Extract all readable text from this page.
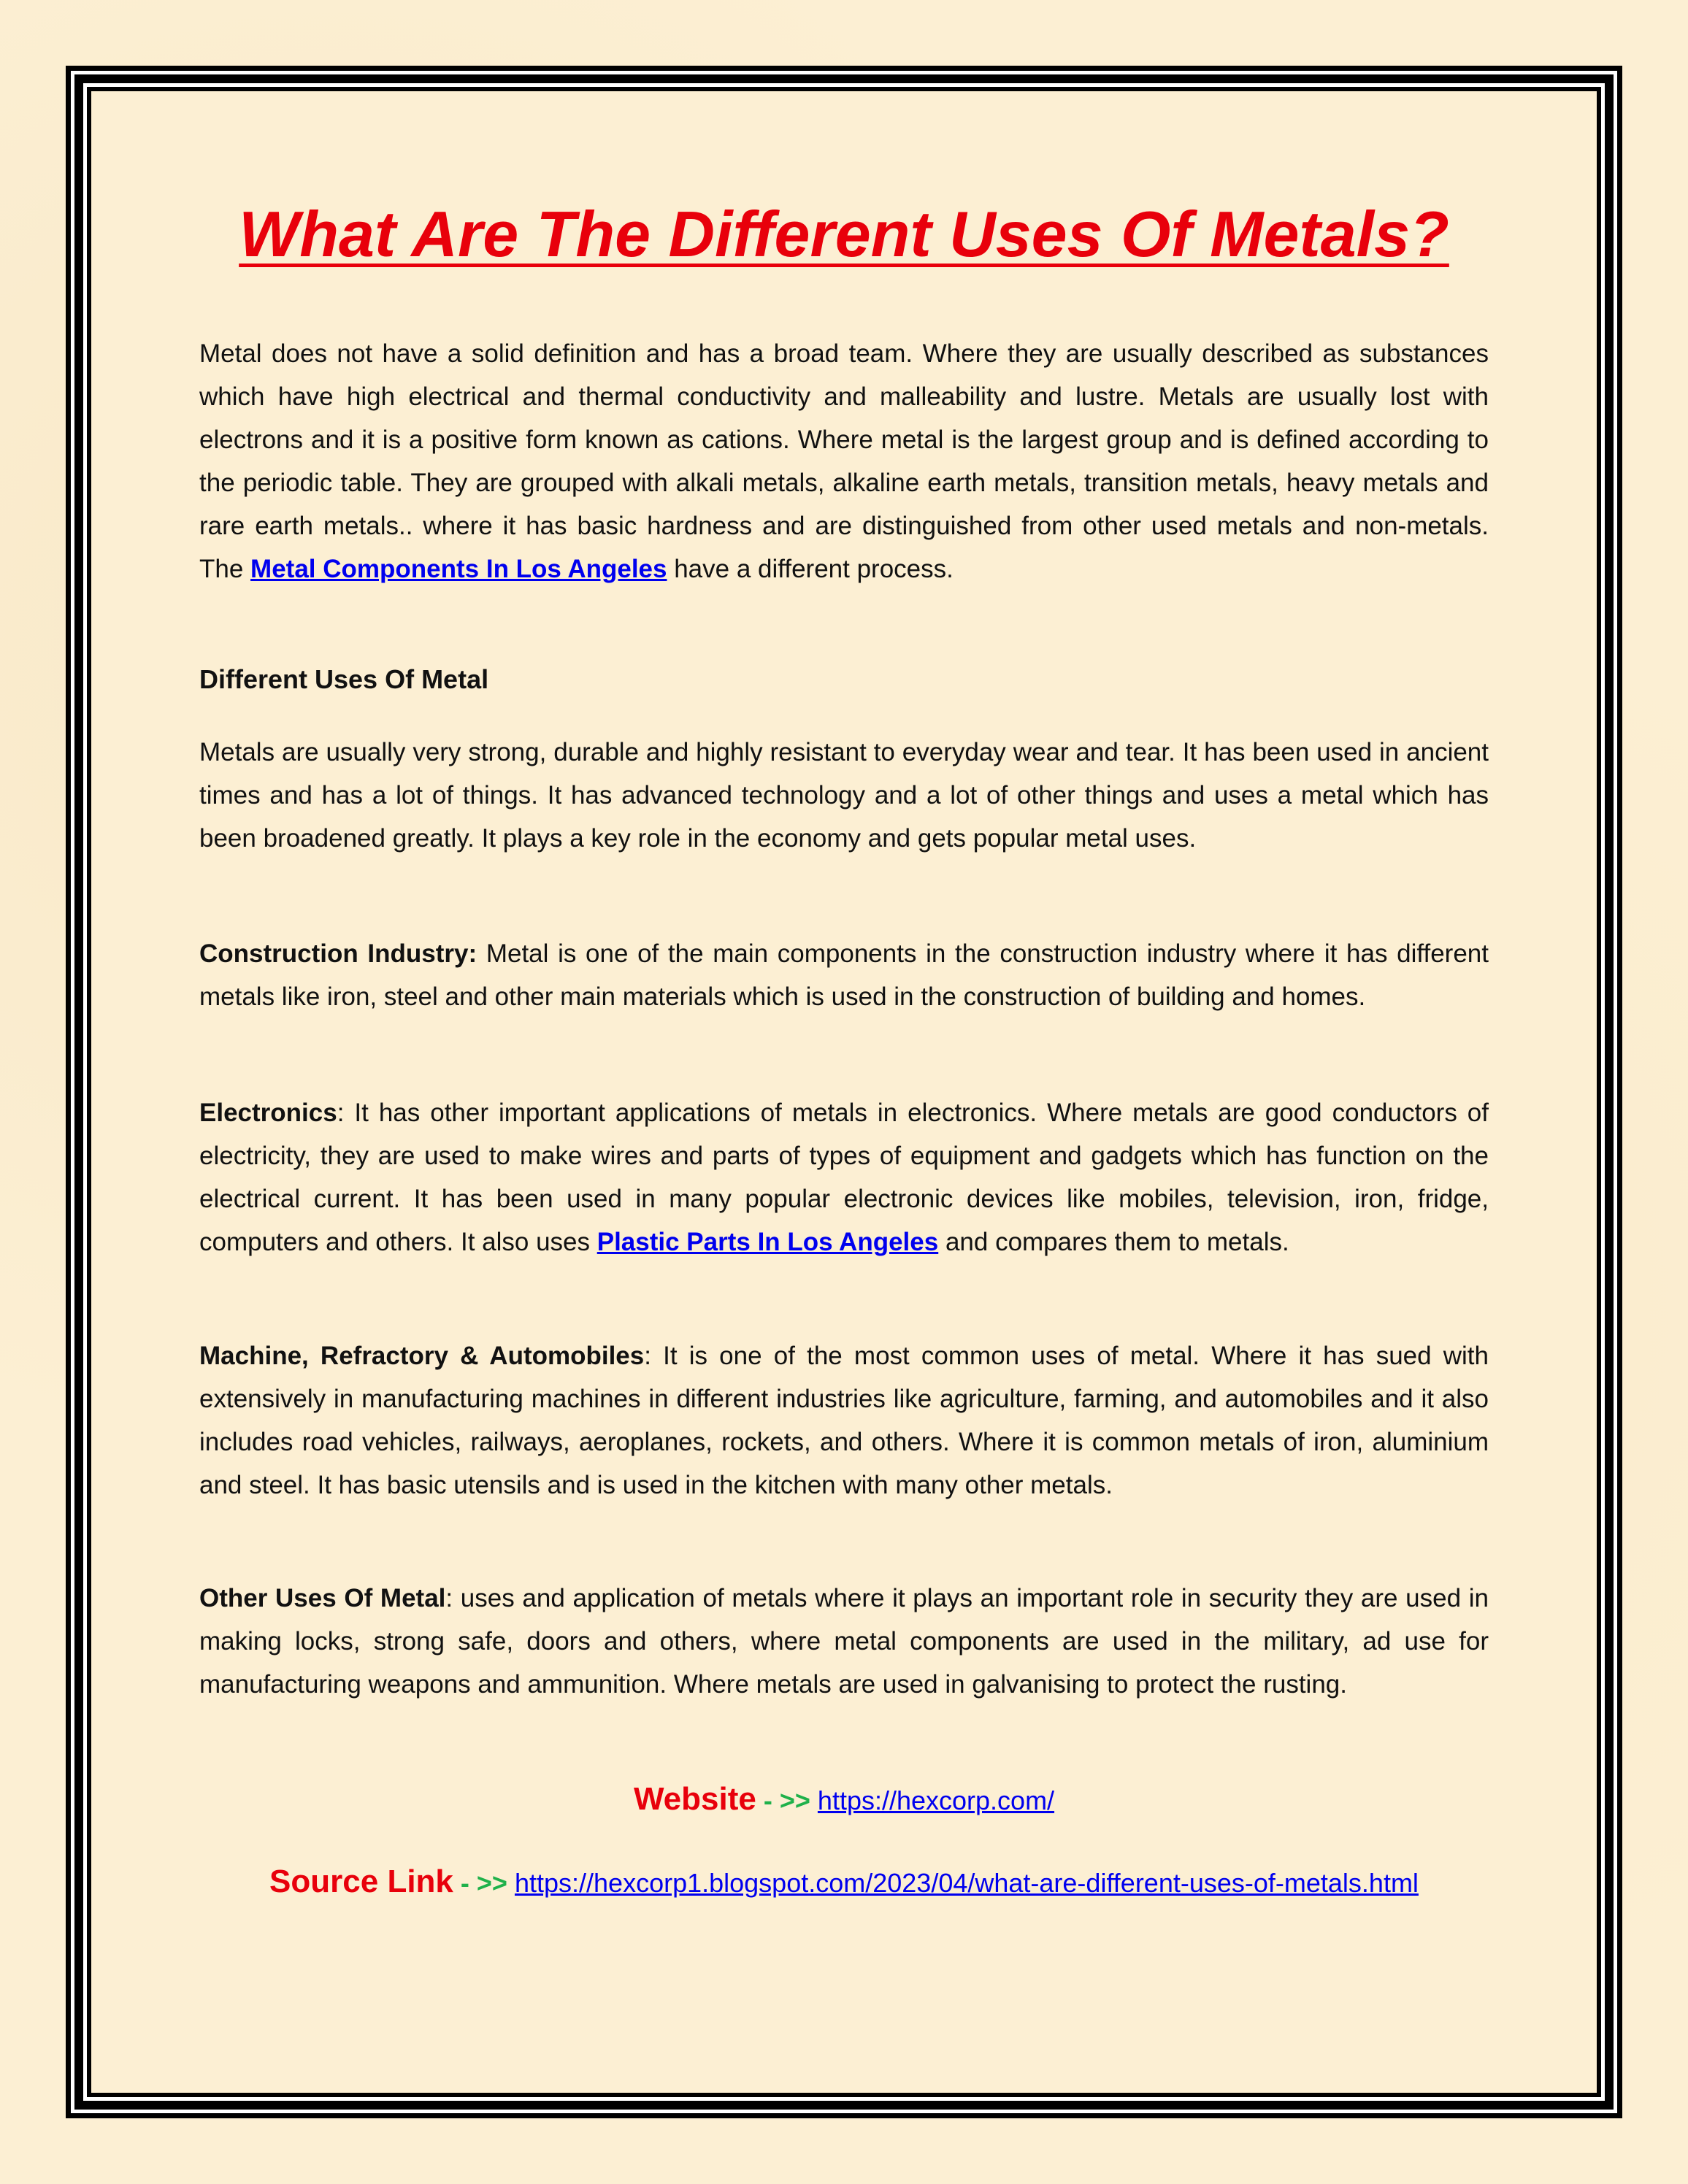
What Are The Different Uses Of Metals?

Metal does not have a solid definition and has a broad team. Where they are usually described as substances which have high electrical and thermal conductivity and malleability and lustre. Metals are usually lost with electrons and it is a positive form known as cations. Where metal is the largest group and is defined according to the periodic table. They are grouped with alkali metals, alkaline earth metals, transition metals, heavy metals and rare earth metals.. where it has basic hardness and are distinguished from other used metals and non-metals. The Metal Components In Los Angeles have a different process.

Different Uses Of Metal

Metals are usually very strong, durable and highly resistant to everyday wear and tear. It has been used in ancient times and has a lot of things. It has advanced technology and a lot of other things and uses a metal which has been broadened greatly. It plays a key role in the economy and gets popular metal uses.

Construction Industry: Metal is one of the main components in the construction industry where it has different metals like iron, steel and other main materials which is used in the construction of building and homes.

Electronics: It has other important applications of metals in electronics. Where metals are good conductors of electricity, they are used to make wires and parts of types of equipment and gadgets which has function on the electrical current. It has been used in many popular electronic devices like mobiles, television, iron, fridge, computers and others. It also uses Plastic Parts In Los Angeles and compares them to metals.

Machine, Refractory & Automobiles: It is one of the most common uses of metal. Where it has sued with extensively in manufacturing machines in different industries like agriculture, farming, and automobiles and it also includes road vehicles, railways, aeroplanes, rockets, and others. Where it is common metals of iron, aluminium and steel. It has basic utensils and is used in the kitchen with many other metals.

Other Uses Of Metal: uses and application of metals where it plays an important role in security they are used in making locks, strong safe, doors and others, where metal components are used in the military, ad use for manufacturing weapons and ammunition. Where metals are used in galvanising to protect the rusting.

Website - >> https://hexcorp.com/
Source Link - >> https://hexcorp1.blogspot.com/2023/04/what-are-different-uses-of-metals.html
